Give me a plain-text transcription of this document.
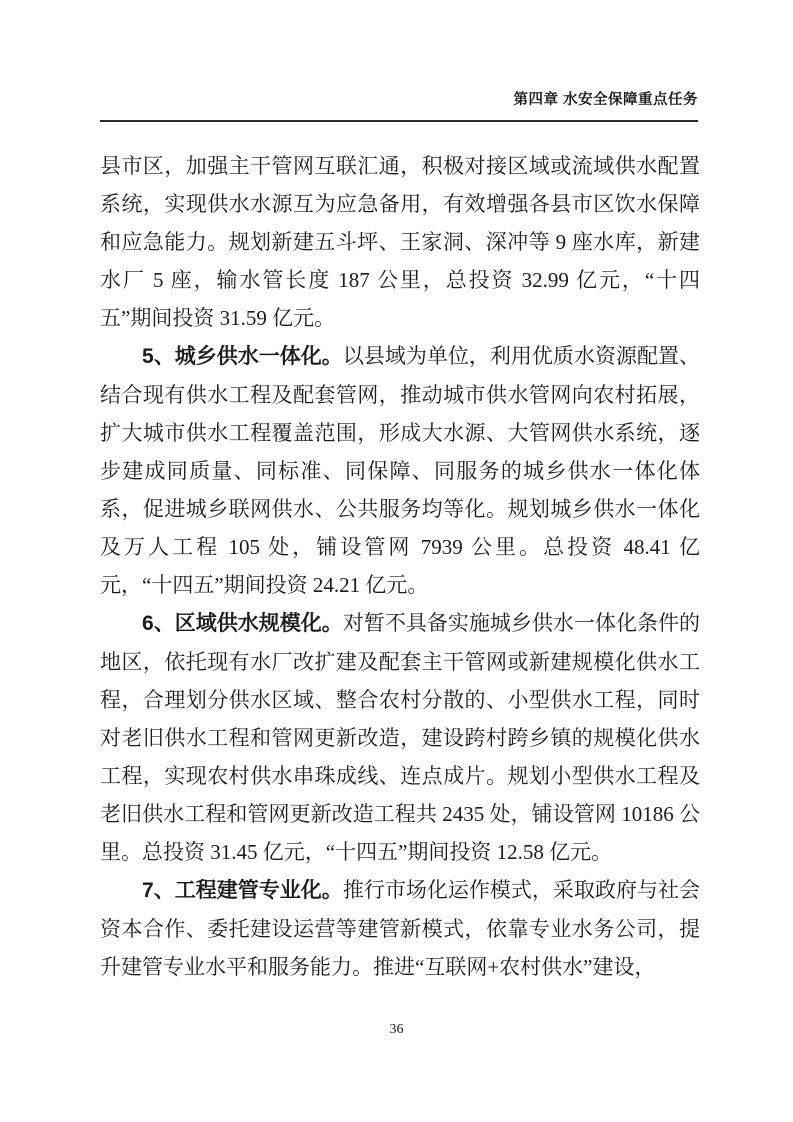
第四章 水安全保障重点任务

县市区，加强主干管网互联汇通，积极对接区域或流域供水配置系统，实现供水水源互为应急备用，有效增强各县市区饮水保障和应急能力。规划新建五斗坪、王家洞、深冲等 9 座水库，新建水厂 5 座，输水管长度 187 公里，总投资 32.99 亿元，“十四五”期间投资 31.59 亿元。

5、城乡供水一体化。以县域为单位，利用优质水资源配置、结合现有供水工程及配套管网，推动城市供水管网向农村拓展，扩大城市供水工程覆盖范围，形成大水源、大管网供水系统，逐步建成同质量、同标准、同保障、同服务的城乡供水一体化体系，促进城乡联网供水、公共服务均等化。规划城乡供水一体化及万人工程 105 处，铺设管网 7939 公里。总投资 48.41 亿元，“十四五”期间投资 24.21 亿元。

6、区域供水规模化。对暂不具备实施城乡供水一体化条件的地区，依托现有水厂改扩建及配套主干管网或新建规模化供水工程，合理划分供水区域、整合农村分散的、小型供水工程，同时对老旧供水工程和管网更新改造，建设跨村跨乡镇的规模化供水工程，实现农村供水串珠成线、连点成片。规划小型供水工程及老旧供水工程和管网更新改造工程共 2435 处，铺设管网 10186 公里。总投资 31.45 亿元，“十四五”期间投资 12.58 亿元。

7、工程建管专业化。推行市场化运作模式，采取政府与社会资本合作、委托建设运营等建管新模式，依靠专业水务公司，提升建管专业水平和服务能力。推进“互联网+农村供水”建设，

36
